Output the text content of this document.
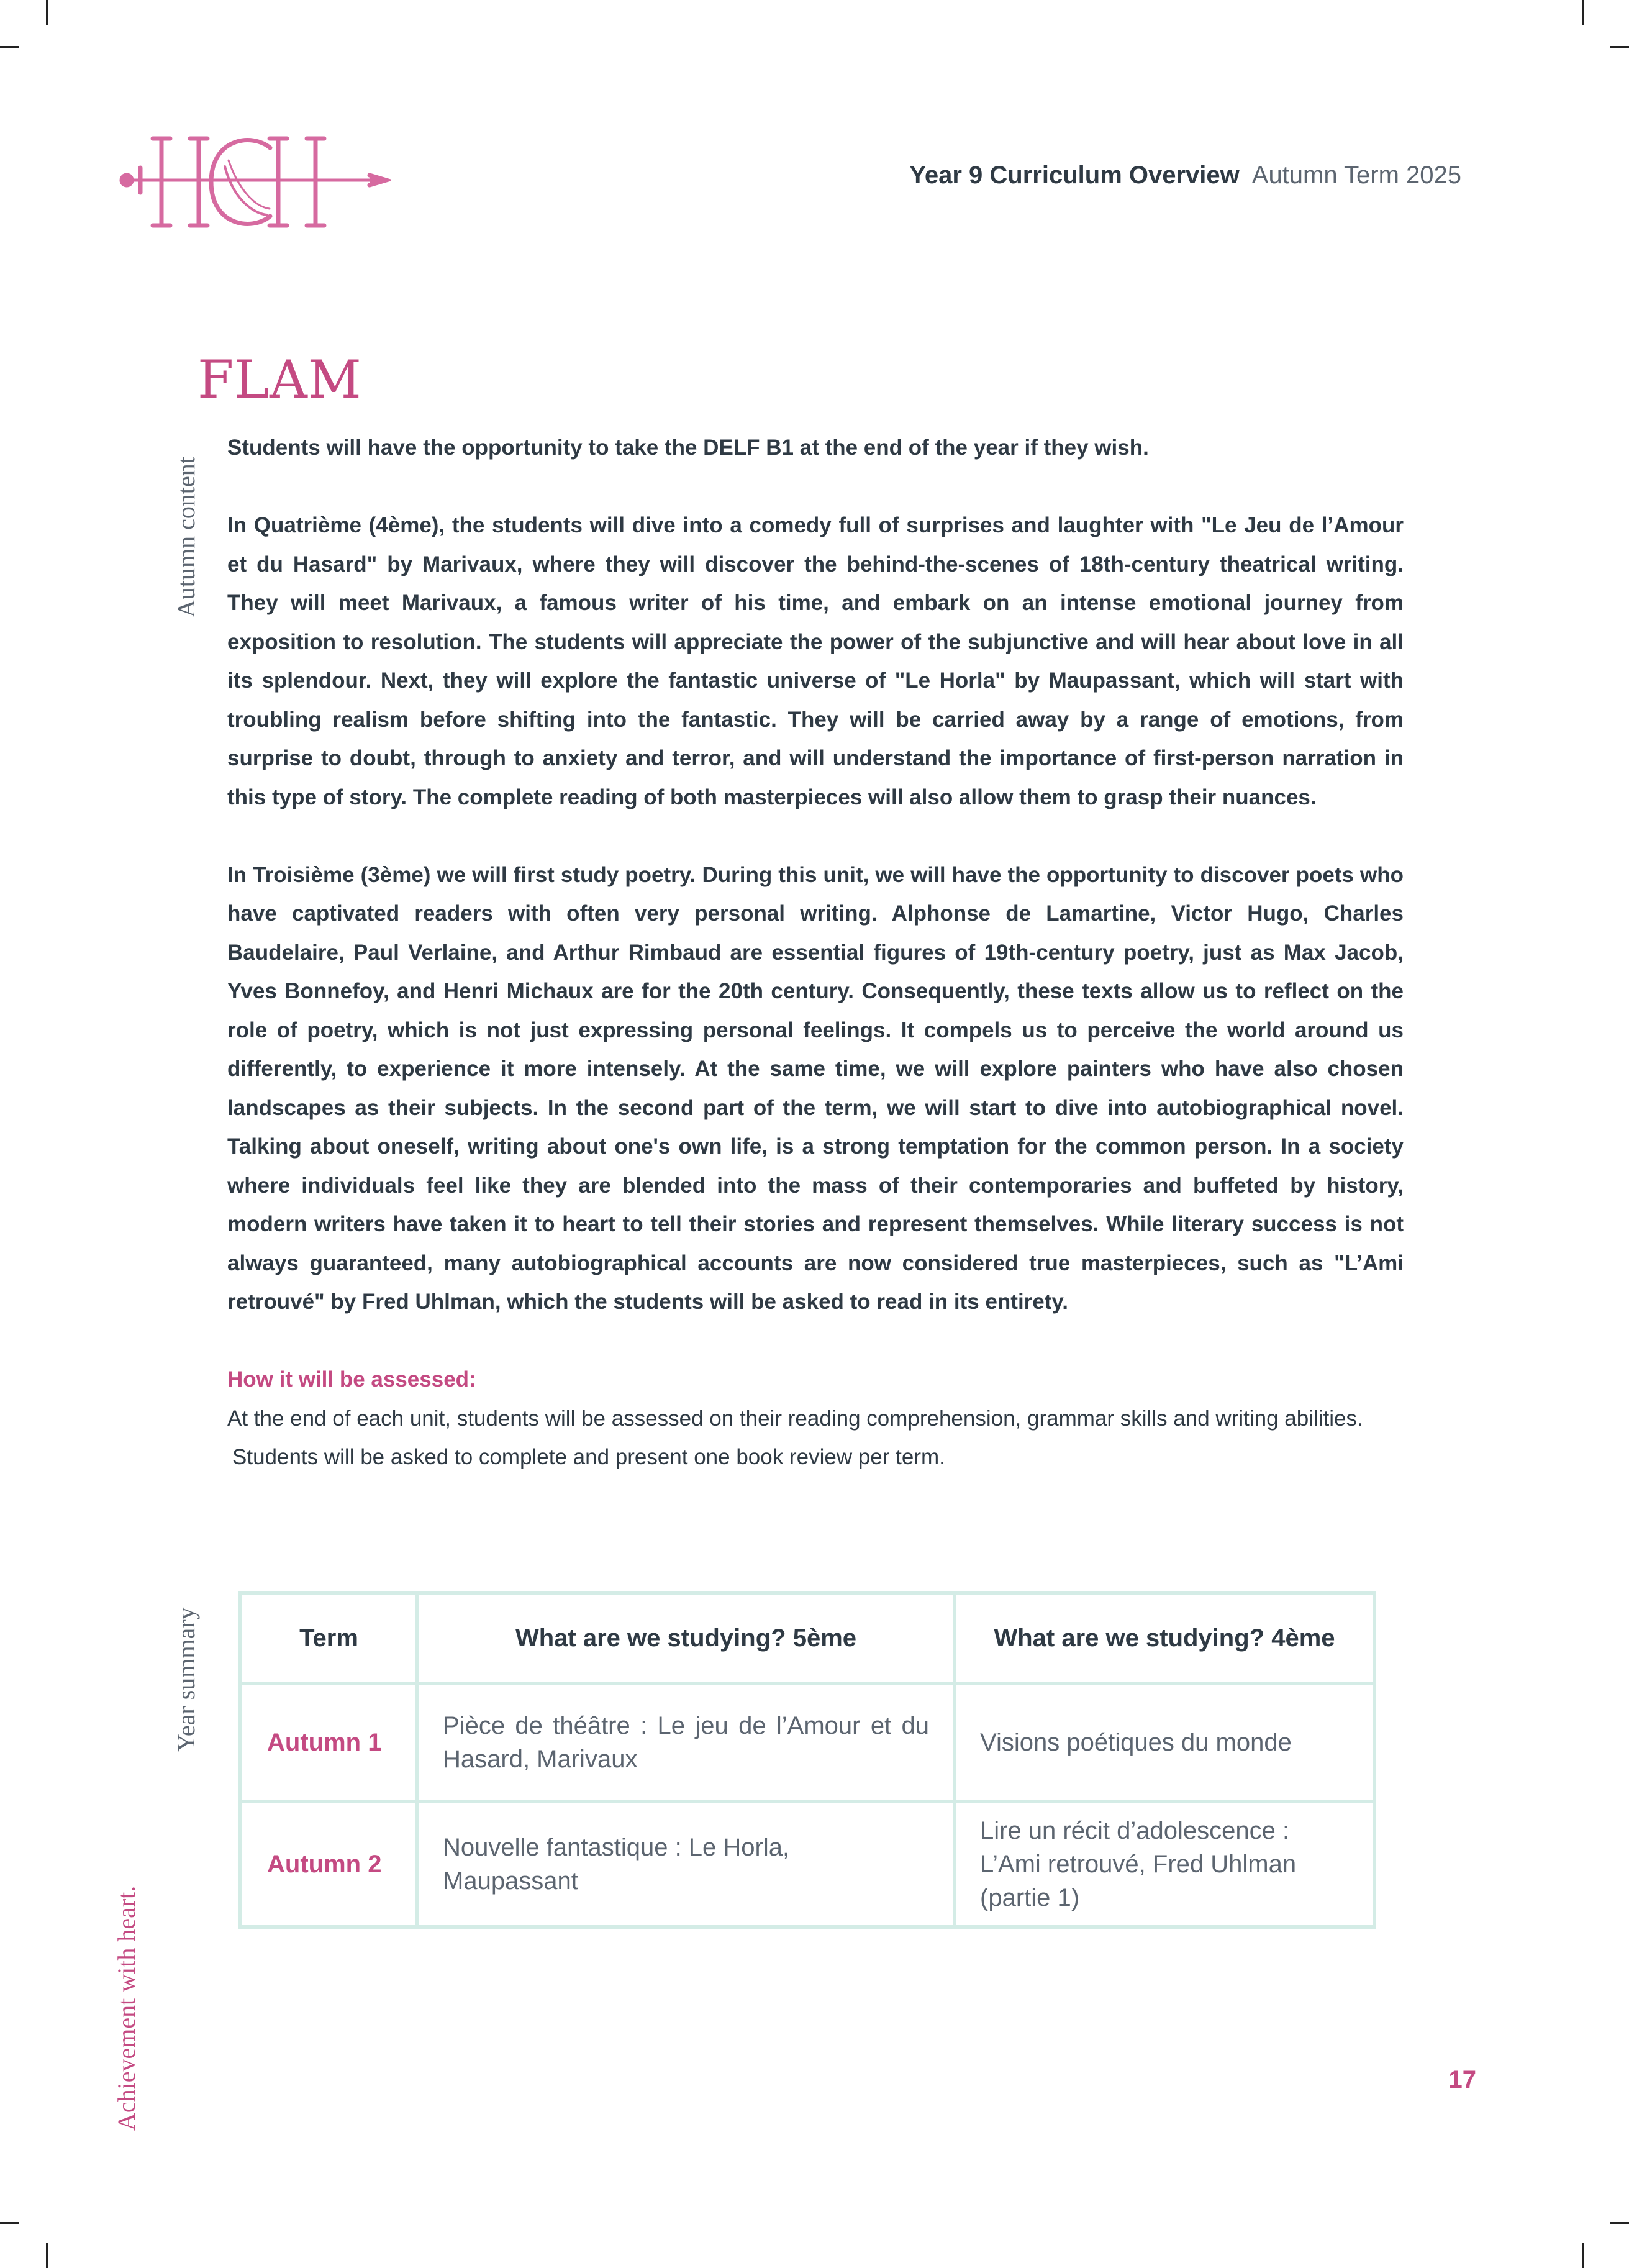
Year 9 Curriculum Overview Autumn Term 2025
FLAM
Autumn content
Year summary
Achievement with heart.

Students will have the opportunity to take the DELF B1 at the end of the year if they wish.

In Quatrième (4ème), the students will dive into a comedy full of surprises and laughter with "Le Jeu de l’Amour et du Hasard" by Marivaux, where they will discover the behind-the-scenes of 18th-century theatrical writing. They will meet Marivaux, a famous writer of his time, and embark on an intense emotional journey from exposition to resolution. The students will appreciate the power of the subjunctive and will hear about love in all its splendour. Next, they will explore the fantastic universe of "Le Horla" by Maupassant, which will start with troubling realism before shifting into the fantastic. They will be carried away by a range of emotions, from surprise to doubt, through to anxiety and terror, and will understand the importance of first-person narration in this type of story. The complete reading of both masterpieces will also allow them to grasp their nuances.

In Troisième (3ème) we will first study poetry. During this unit, we will have the opportunity to discover poets who have captivated readers with often very personal writing. Alphonse de Lamartine, Victor Hugo, Charles Baudelaire, Paul Verlaine, and Arthur Rimbaud are essential figures of 19th-century poetry, just as Max Jacob, Yves Bonnefoy, and Henri Michaux are for the 20th century. Consequently, these texts allow us to reflect on the role of poetry, which is not just expressing personal feelings. It compels us to perceive the world around us differently, to experience it more intensely. At the same time, we will explore painters who have also chosen landscapes as their subjects. In the second part of the term, we will start to dive into autobiographical novel. Talking about oneself, writing about one's own life, is a strong temptation for the common person. In a society where individuals feel like they are blended into the mass of their contemporaries and buffeted by history, modern writers have taken it to heart to tell their stories and represent themselves. While literary success is not always guaranteed, many autobiographical accounts are now considered true masterpieces, such as "L’Ami retrouvé" by Fred Uhlman, which the students will be asked to read in its entirety.

How it will be assessed:

At the end of each unit, students will be assessed on their reading comprehension, grammar skills and writing abilities.

Students will be asked to complete and present one book review per term.

Term	What are we studying? 5ème	What are we studying? 4ème
Autumn 1	Pièce de théâtre : Le jeu de l’Amour et du Hasard, Marivaux	Visions poétiques du monde
Autumn 2	Nouvelle fantastique : Le Horla, Maupassant	Lire un récit d’adolescence : L’Ami retrouvé, Fred Uhlman (partie 1)
17
